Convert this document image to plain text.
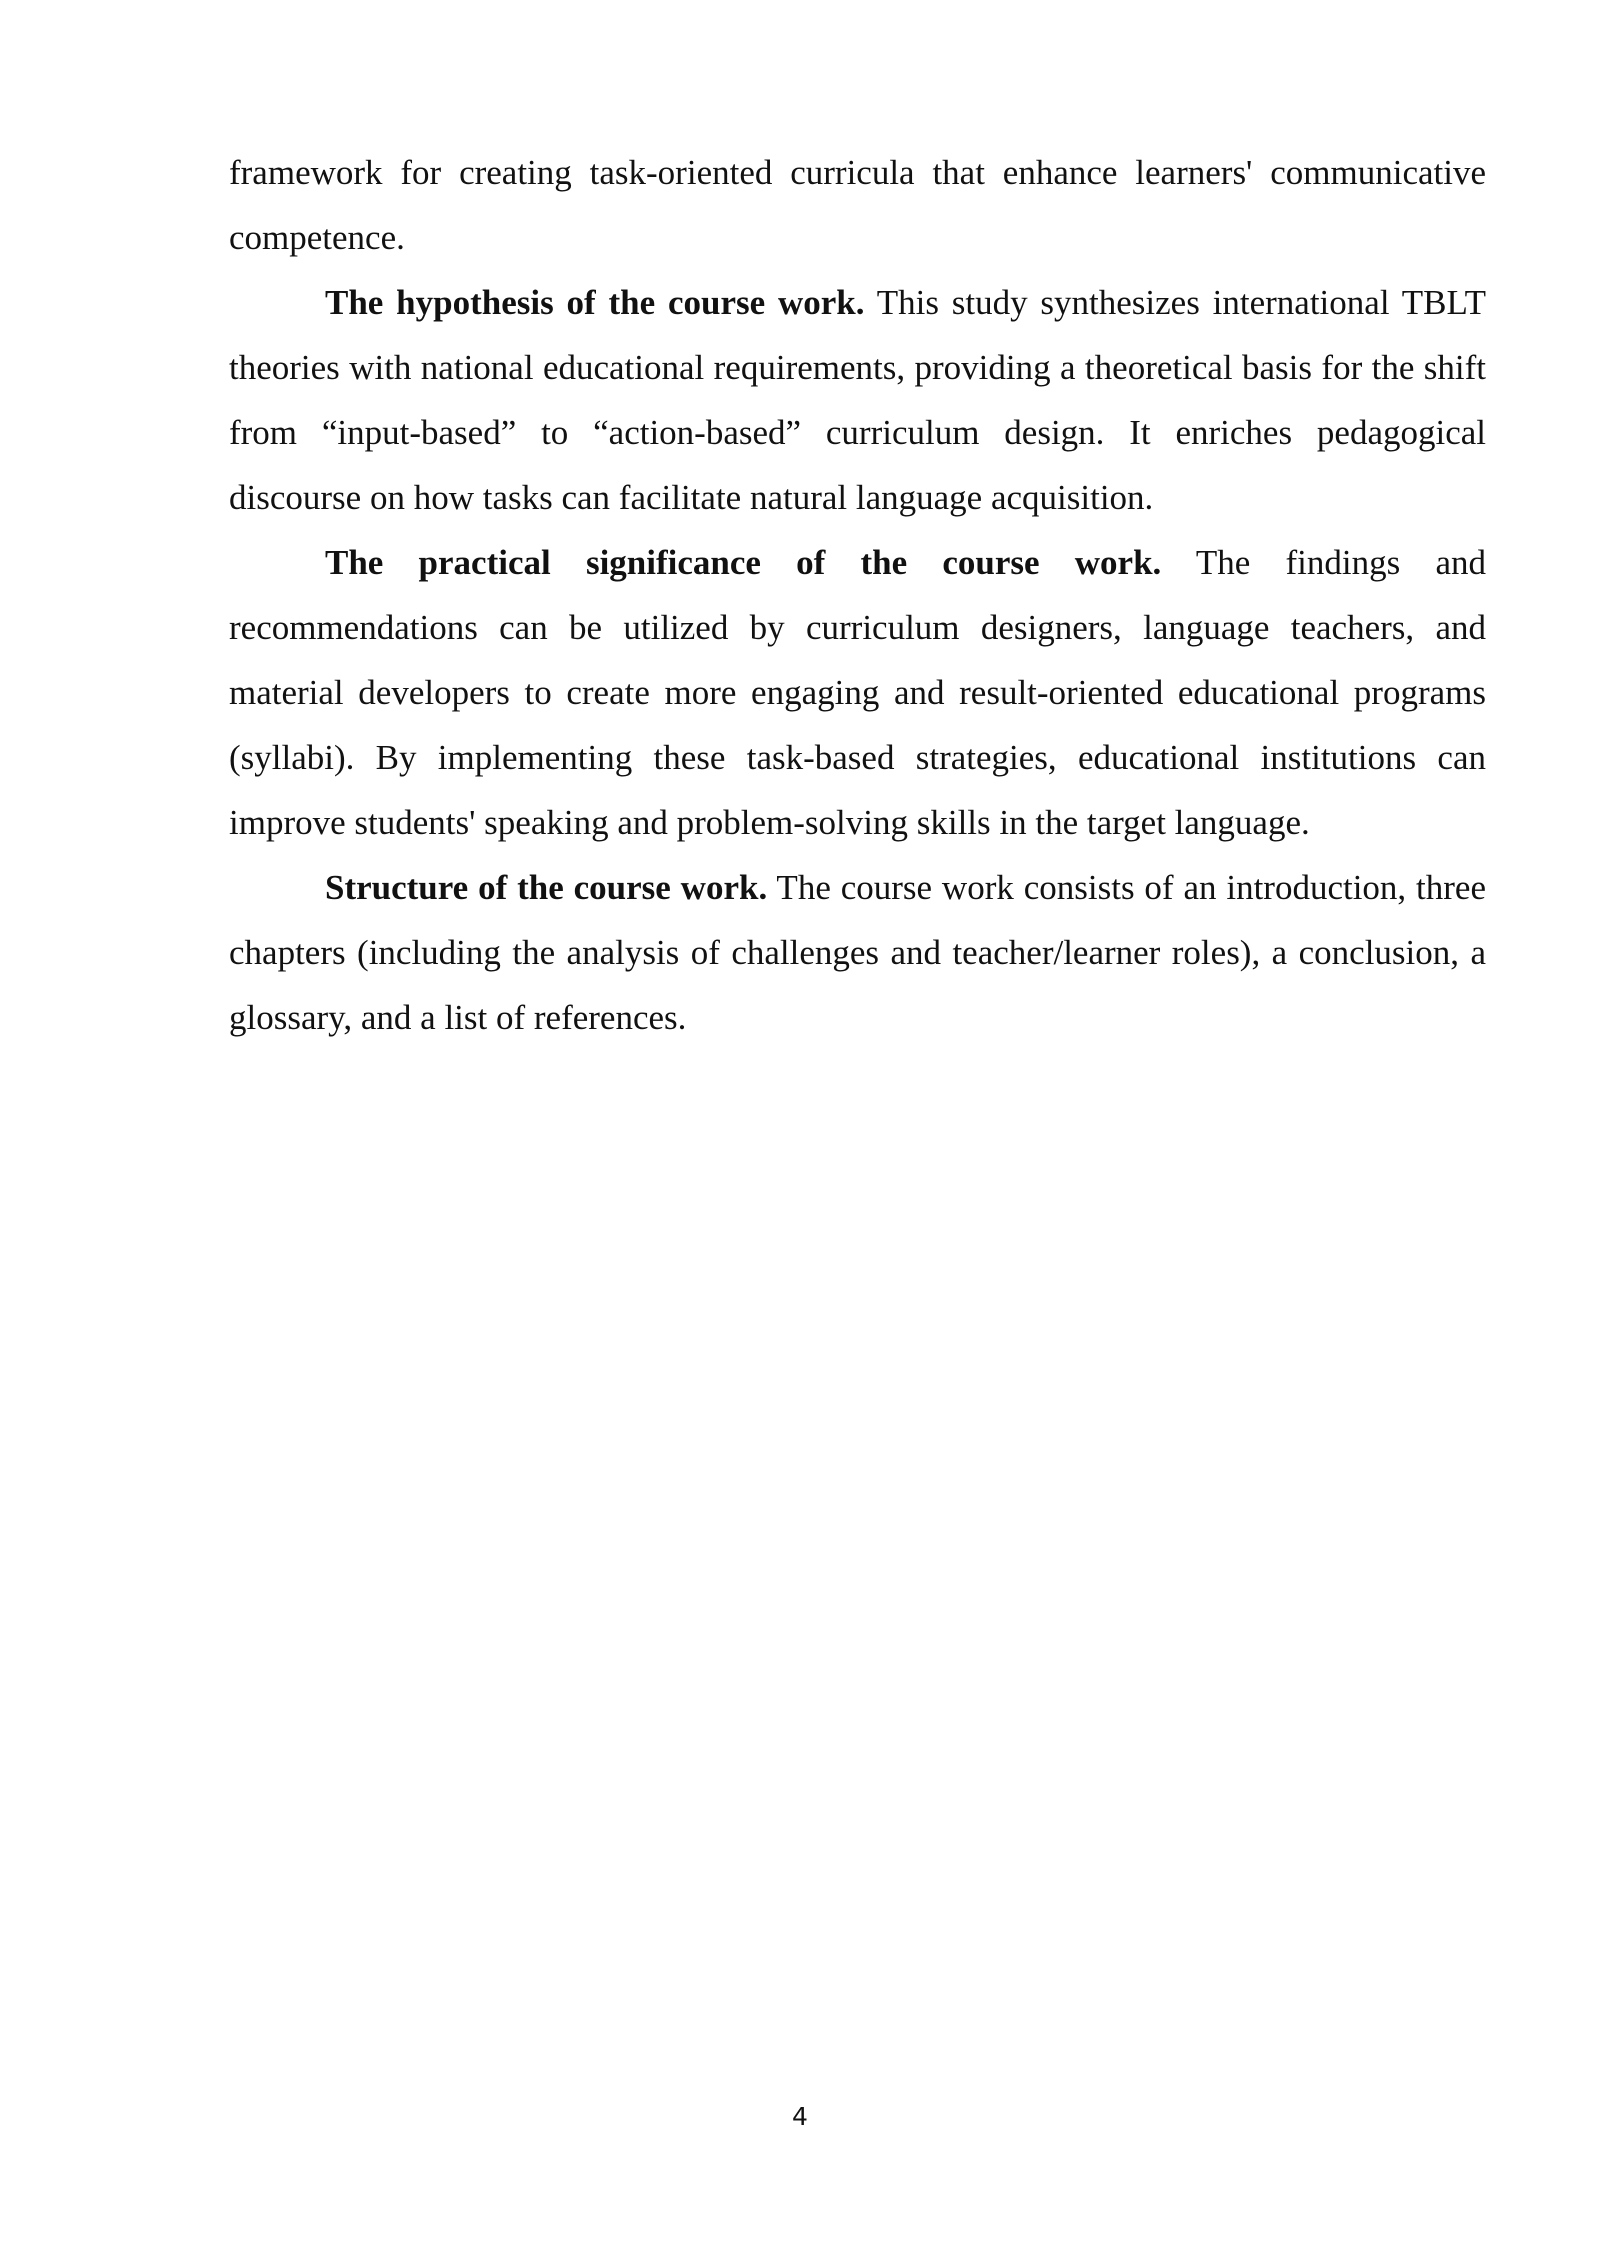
framework for creating task-oriented curricula that enhance learners' communicative competence.

The hypothesis of the course work. This study synthesizes international TBLT theories with national educational requirements, providing a theoretical basis for the shift from “input-based” to “action-based” curriculum design. It enriches pedagogical discourse on how tasks can facilitate natural language acquisition.

The practical significance of the course work. The findings and recommendations can be utilized by curriculum designers, language teachers, and material developers to create more engaging and result-oriented educational programs (syllabi). By implementing these task-based strategies, educational institutions can improve students' speaking and problem-solving skills in the target language.

Structure of the course work. The course work consists of an introduction, three chapters (including the analysis of challenges and teacher/learner roles), a conclusion, a glossary, and a list of references.

4
